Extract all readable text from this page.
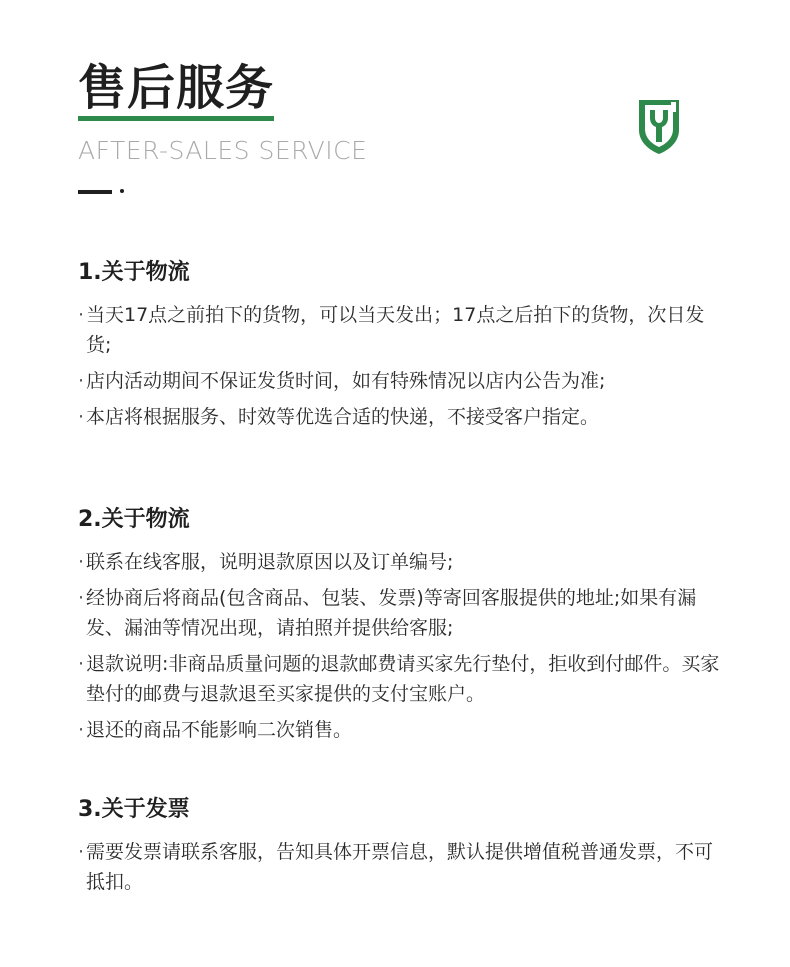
售后服务
AFTER-SALES SERVICE
1.关于物流
· 当天17点之前拍下的货物，可以当天发出；17点之后拍下的货物，次日发货;
· 店内活动期间不保证发货时间，如有特殊情况以店内公告为准;
· 本店将根据服务、时效等优选合适的快递，不接受客户指定。
2.关于物流
· 联系在线客服，说明退款原因以及订单编号;
· 经协商后将商品(包含商品、包装、发票)等寄回客服提供的地址;如果有漏发、漏油等情况出现，请拍照并提供给客服;
· 退款说明:非商品质量问题的退款邮费请买家先行垫付，拒收到付邮件。买家垫付的邮费与退款退至买家提供的支付宝账户。
· 退还的商品不能影响二次销售。
3.关于发票
· 需要发票请联系客服，告知具体开票信息，默认提供增值税普通发票，不可抵扣。
